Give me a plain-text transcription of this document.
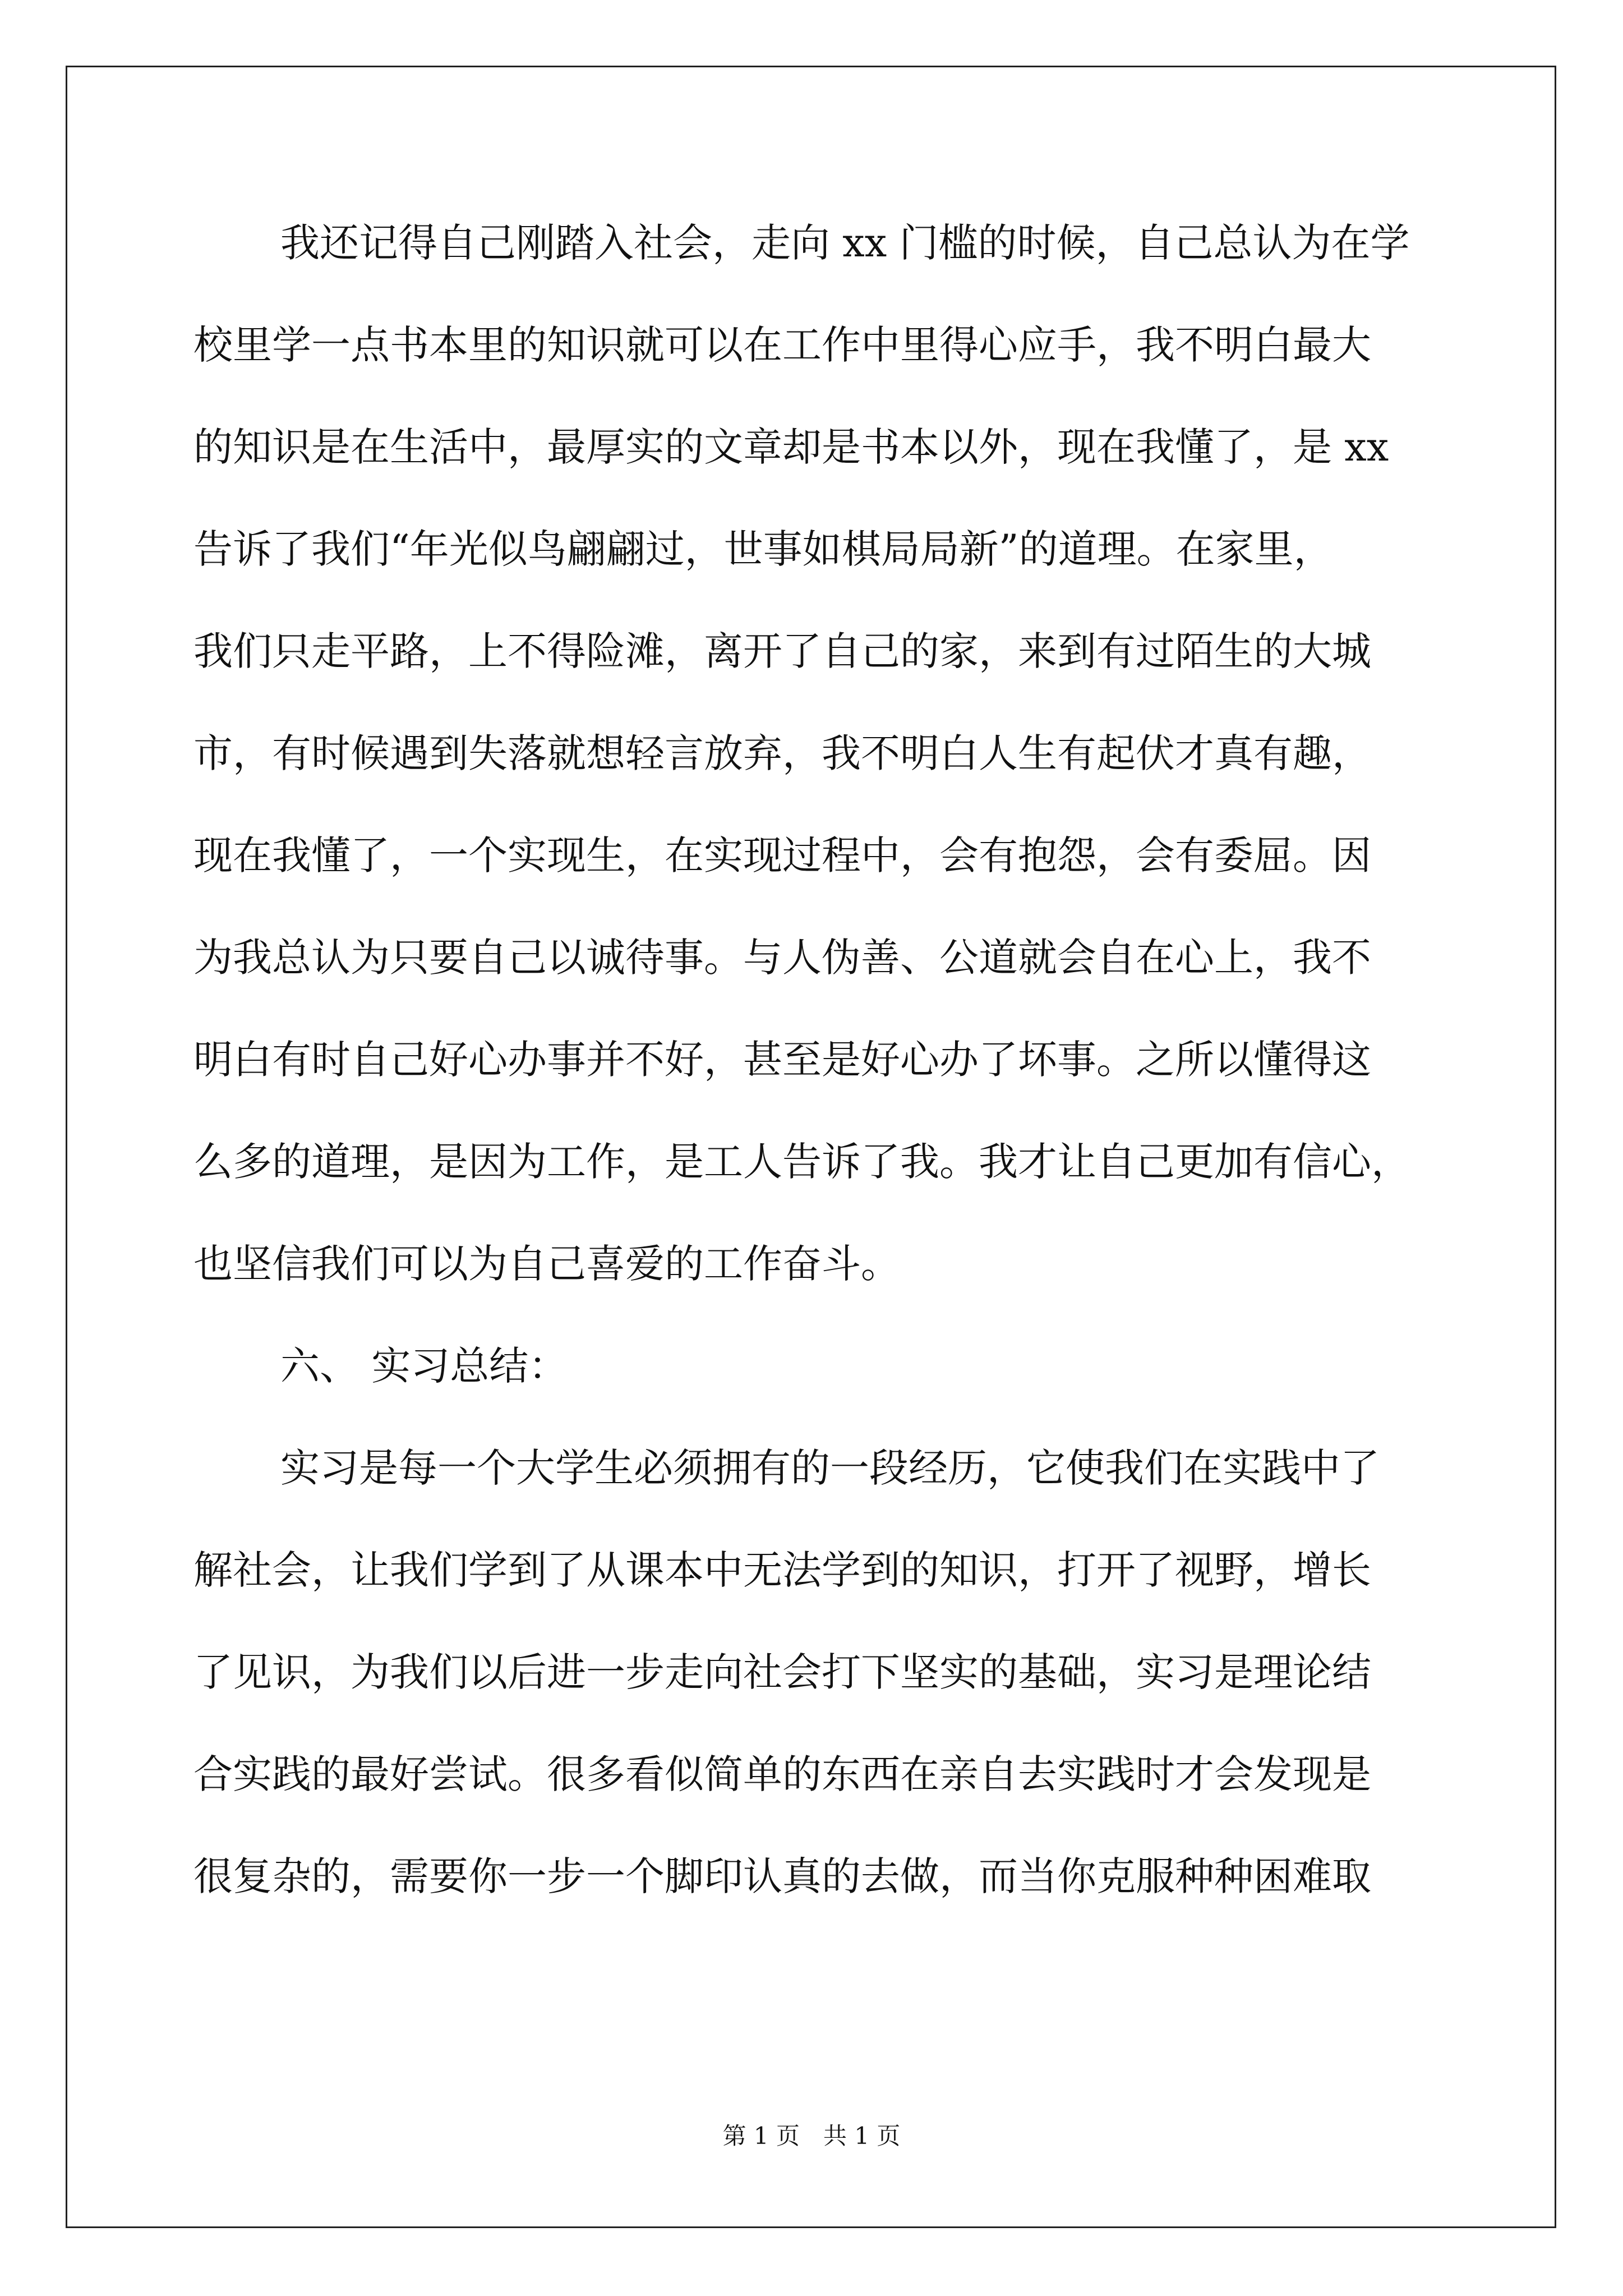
我还记得自己刚踏入社会，走向 xx 门槛的时候，自己总认为在学
校里学一点书本里的知识就可以在工作中里得心应手，我不明白最大
的知识是在生活中，最厚实的文章却是书本以外，现在我懂了，是 xx
告诉了我们“年光似鸟翩翩过，世事如棋局局新”的道理。在家里，
我们只走平路，上不得险滩，离开了自己的家，来到有过陌生的大城
市，有时候遇到失落就想轻言放弃，我不明白人生有起伏才真有趣，
现在我懂了，一个实现生，在实现过程中，会有抱怨，会有委屈。因
为我总认为只要自己以诚待事。与人伪善、公道就会自在心上，我不
明白有时自己好心办事并不好，甚至是好心办了坏事。之所以懂得这
么多的道理，是因为工作，是工人告诉了我。我才让自己更加有信心，
也坚信我们可以为自己喜爱的工作奋斗。
六、 实习总结：
实习是每一个大学生必须拥有的一段经历，它使我们在实践中了
解社会，让我们学到了从课本中无法学到的知识，打开了视野，增长
了见识，为我们以后进一步走向社会打下坚实的基础，实习是理论结
合实践的最好尝试。很多看似简单的东西在亲自去实践时才会发现是
很复杂的，需要你一步一个脚印认真的去做，而当你克服种种困难取
第 1 页 共 1 页
